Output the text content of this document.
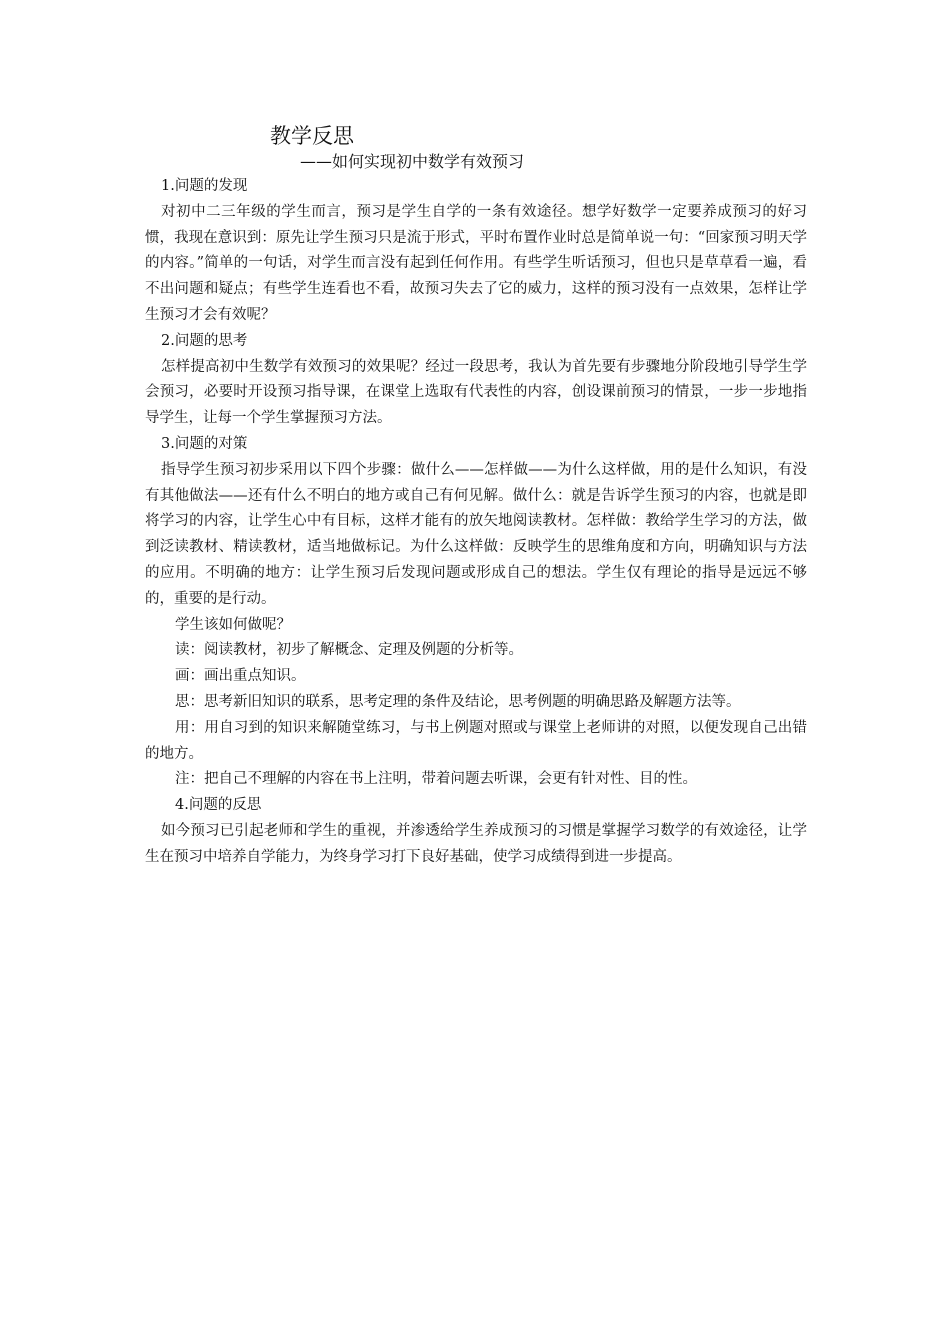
教学反思
——如何实现初中数学有效预习

1.问题的发现

对初中二三年级的学生而言，预习是学生自学的一条有效途径。想学好数学一定要养成预习的好习惯，我现在意识到：原先让学生预习只是流于形式，平时布置作业时总是简单说一句：“回家预习明天学的内容。”简单的一句话，对学生而言没有起到任何作用。有些学生听话预习，但也只是草草看一遍，看不出问题和疑点；有些学生连看也不看，故预习失去了它的威力，这样的预习没有一点效果，怎样让学生预习才会有效呢？

2.问题的思考

怎样提高初中生数学有效预习的效果呢？经过一段思考，我认为首先要有步骤地分阶段地引导学生学会预习，必要时开设预习指导课，在课堂上选取有代表性的内容，创设课前预习的情景，一步一步地指导学生，让每一个学生掌握预习方法。

3.问题的对策

指导学生预习初步采用以下四个步骤：做什么——怎样做——为什么这样做，用的是什么知识，有没有其他做法——还有什么不明白的地方或自己有何见解。做什么：就是告诉学生预习的内容，也就是即将学习的内容，让学生心中有目标，这样才能有的放矢地阅读教材。怎样做：教给学生学习的方法，做到泛读教材、精读教材，适当地做标记。为什么这样做：反映学生的思维角度和方向，明确知识与方法的应用。不明确的地方：让学生预习后发现问题或形成自己的想法。学生仅有理论的指导是远远不够的，重要的是行动。

学生该如何做呢？

读：阅读教材，初步了解概念、定理及例题的分析等。

画：画出重点知识。

思：思考新旧知识的联系，思考定理的条件及结论，思考例题的明确思路及解题方法等。

用：用自习到的知识来解随堂练习，与书上例题对照或与课堂上老师讲的对照，以便发现自己出错的地方。

注：把自己不理解的内容在书上注明，带着问题去听课，会更有针对性、目的性。

4.问题的反思

如今预习已引起老师和学生的重视，并渗透给学生养成预习的习惯是掌握学习数学的有效途径，让学生在预习中培养自学能力，为终身学习打下良好基础，使学习成绩得到进一步提高。
